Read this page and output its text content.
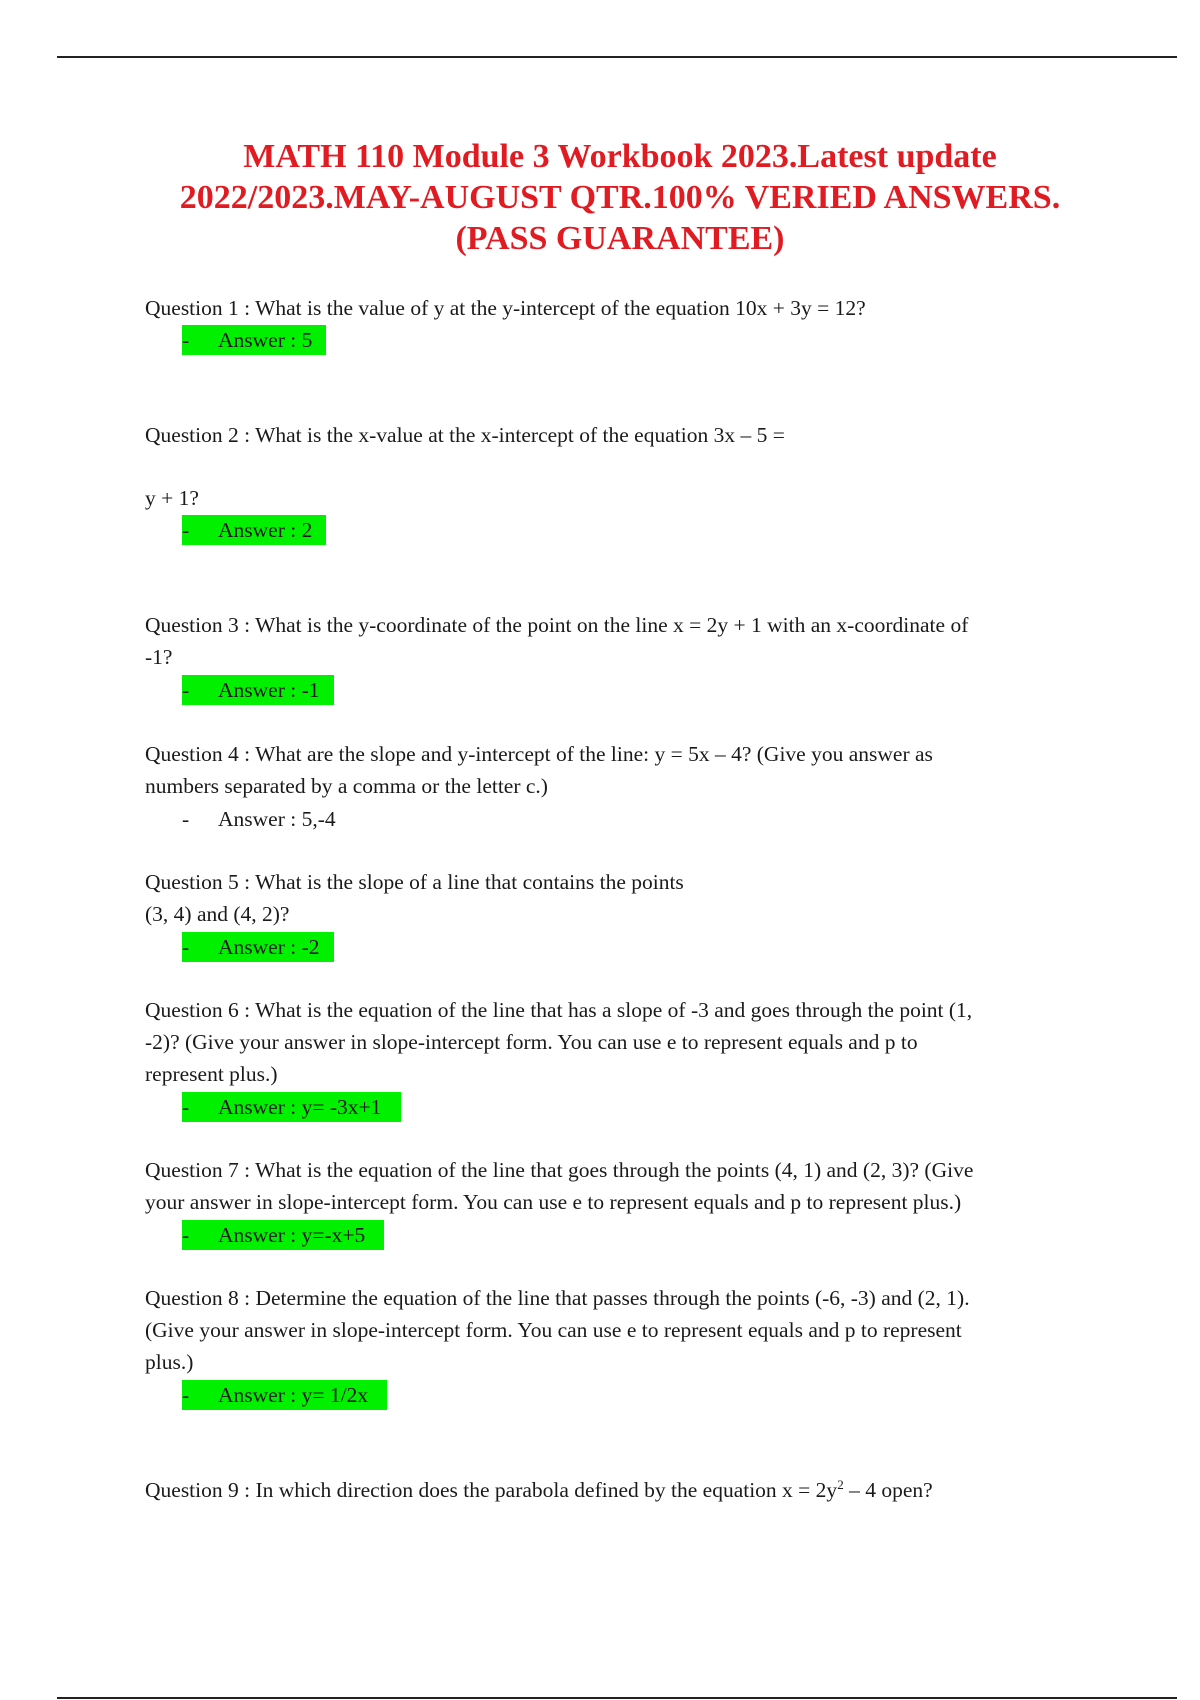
MATH 110 Module 3 Workbook 2023.Latest update
2022/2023.MAY-AUGUST QTR.100% VERIED ANSWERS.
(PASS GUARANTEE)
Question 1 : What is the value of y at the y-intercept of the equation 10x + 3y = 12?
- Answer : 5
Question 2 : What is the x-value at the x-intercept of the equation 3x – 5 =
y + 1?
- Answer : 2
Question 3 : What is the y-coordinate of the point on the line x = 2y + 1 with an x-coordinate of
-1?
- Answer : -1
Question 4 : What are the slope and y-intercept of the line: y = 5x – 4? (Give you answer as
numbers separated by a comma or the letter c.)
- Answer : 5,-4
Question 5 : What is the slope of a line that contains the points
(3, 4) and (4, 2)?
- Answer : -2
Question 6 : What is the equation of the line that has a slope of -3 and goes through the point (1,
-2)? (Give your answer in slope-intercept form. You can use e to represent equals and p to
represent plus.)
- Answer : y= -3x+1
Question 7 : What is the equation of the line that goes through the points (4, 1) and (2, 3)? (Give
your answer in slope-intercept form. You can use e to represent equals and p to represent plus.)
- Answer : y=-x+5
Question 8 : Determine the equation of the line that passes through the points (-6, -3) and (2, 1).
(Give your answer in slope-intercept form. You can use e to represent equals and p to represent
plus.)
- Answer : y= 1/2x
Question 9 : In which direction does the parabola defined by the equation $x = 2y^2 - 4$ open?
